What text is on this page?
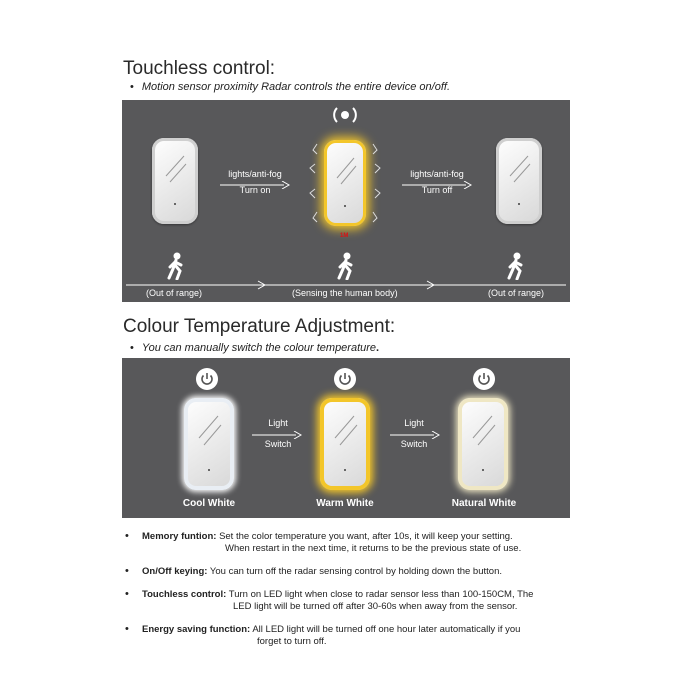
Touchless control:
• Motion sensor proximity Radar controls the entire device on/off.
lights/anti-fog
Turn on
1M
lights/anti-fog
Turn off
(Out of range)	(Sensing the human body)	(Out of range)
Colour Temperature Adjustment:
• You can manually switch the colour temperature.
Light
Switch
Light
Switch
Cool White	Warm White	Natural White
• Memory funtion: Set the color temperature you want, after 10s, it will keep your setting.
When restart in the next time, it returns to be the previous state of use.
• On/Off keying: You can turn off the radar sensing control by holding down the button.
• Touchless control: Turn on LED light when close to radar sensor less than 100-150CM, The
LED light will be turned off after 30-60s when away from the sensor.
• Energy saving function: All LED light will be turned off one hour later automatically if you
forget to turn off.
